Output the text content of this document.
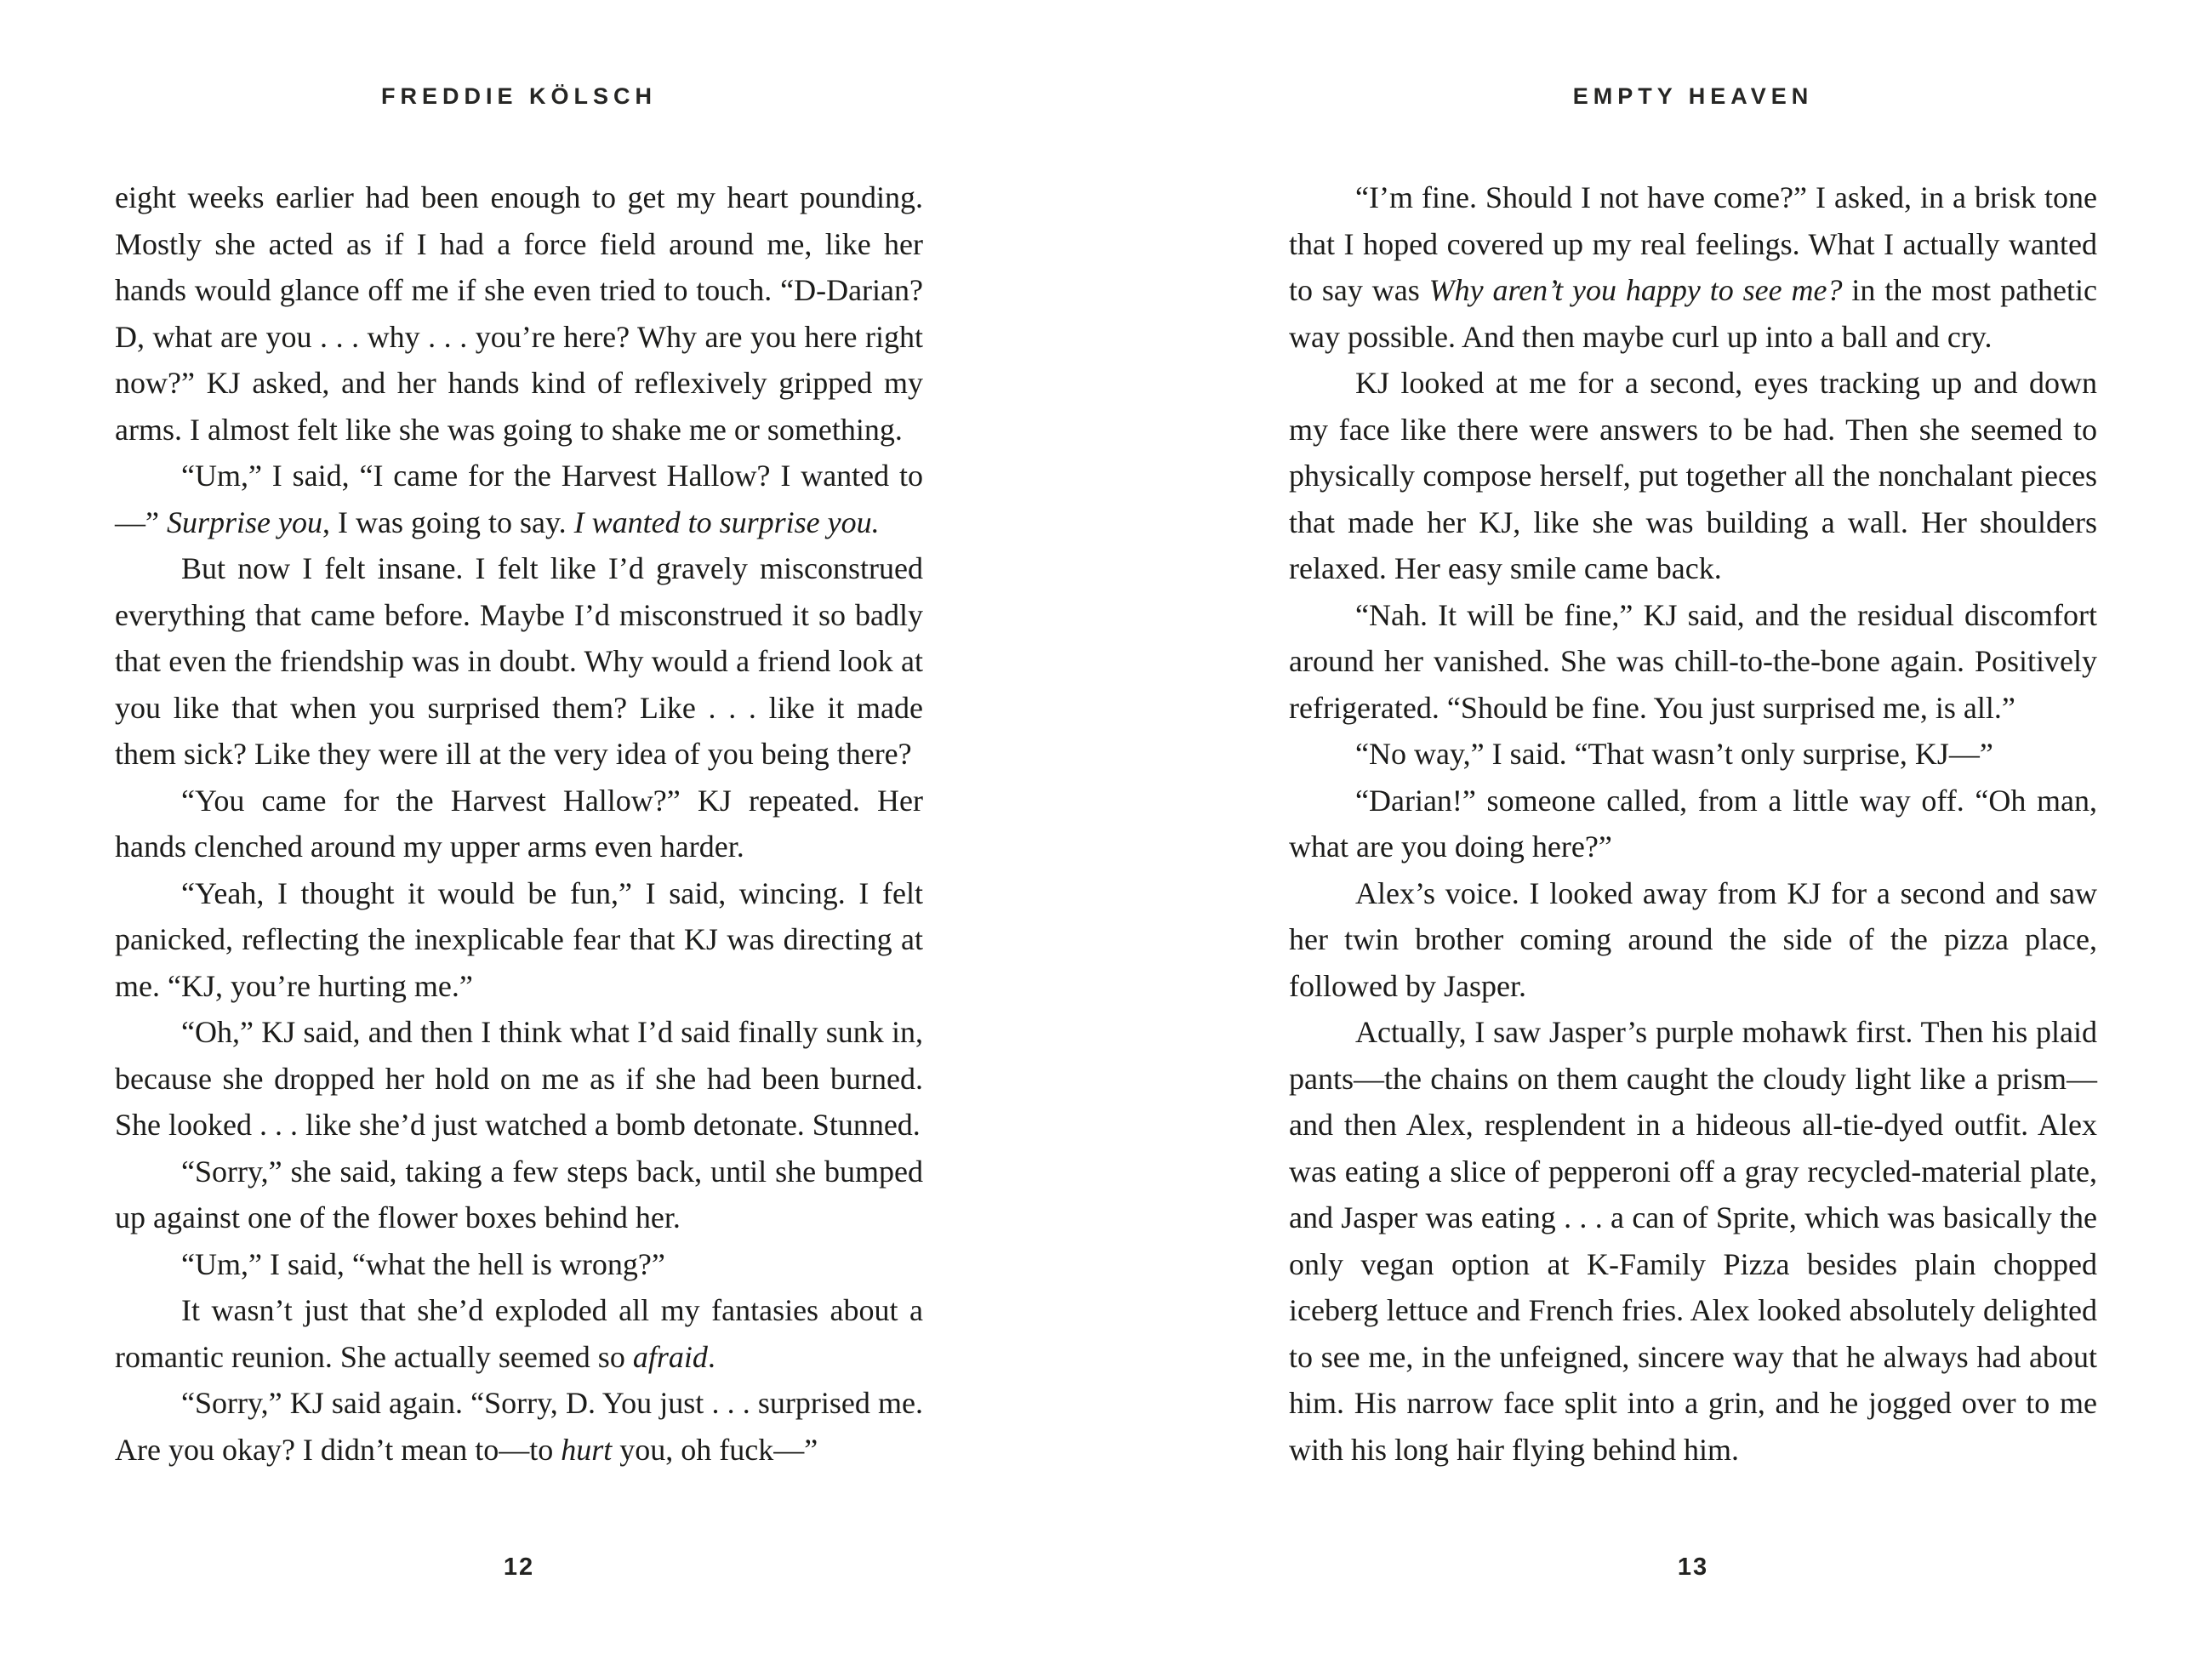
FREDDIE KÖLSCH

eight weeks earlier had been enough to get my heart pounding. Mostly she acted as if I had a force field around me, like her hands would glance off me if she even tried to touch. “D-Darian? D, what are you . . . why . . . you’re here? Why are you here right now?” KJ asked, and her hands kind of reflexively gripped my arms. I almost felt like she was going to shake me or something.

“Um,” I said, “I came for the Harvest Hallow? I wanted to—” Surprise you, I was going to say. I wanted to surprise you.

But now I felt insane. I felt like I’d gravely misconstrued everything that came before. Maybe I’d misconstrued it so badly that even the friendship was in doubt. Why would a friend look at you like that when you surprised them? Like . . . like it made them sick? Like they were ill at the very idea of you being there?

“You came for the Harvest Hallow?” KJ repeated. Her hands clenched around my upper arms even harder.

“Yeah, I thought it would be fun,” I said, wincing. I felt panicked, reflecting the inexplicable fear that KJ was directing at me. “KJ, you’re hurting me.”

“Oh,” KJ said, and then I think what I’d said finally sunk in, because she dropped her hold on me as if she had been burned. She looked . . . like she’d just watched a bomb detonate. Stunned.

“Sorry,” she said, taking a few steps back, until she bumped up against one of the flower boxes behind her.

“Um,” I said, “what the hell is wrong?”

It wasn’t just that she’d exploded all my fantasies about a romantic reunion. She actually seemed so afraid.

“Sorry,” KJ said again. “Sorry, D. You just . . . surprised me. Are you okay? I didn’t mean to—to hurt you, oh fuck—”

12
EMPTY HEAVEN

“I’m fine. Should I not have come?” I asked, in a brisk tone that I hoped covered up my real feelings. What I actually wanted to say was Why aren’t you happy to see me? in the most pathetic way possible. And then maybe curl up into a ball and cry.

KJ looked at me for a second, eyes tracking up and down my face like there were answers to be had. Then she seemed to physically compose herself, put together all the nonchalant pieces that made her KJ, like she was building a wall. Her shoulders relaxed. Her easy smile came back.

“Nah. It will be fine,” KJ said, and the residual discomfort around her vanished. She was chill-to-the-bone again. Positively refrigerated. “Should be fine. You just surprised me, is all.”

“No way,” I said. “That wasn’t only surprise, KJ—”

“Darian!” someone called, from a little way off. “Oh man, what are you doing here?”

Alex’s voice. I looked away from KJ for a second and saw her twin brother coming around the side of the pizza place, followed by Jasper.

Actually, I saw Jasper’s purple mohawk first. Then his plaid pants—the chains on them caught the cloudy light like a prism—and then Alex, resplendent in a hideous all-tie-dyed outfit. Alex was eating a slice of pepperoni off a gray recycled-material plate, and Jasper was eating . . . a can of Sprite, which was basically the only vegan option at K-Family Pizza besides plain chopped iceberg lettuce and French fries. Alex looked absolutely delighted to see me, in the unfeigned, sincere way that he always had about him. His narrow face split into a grin, and he jogged over to me with his long hair flying behind him.

13
